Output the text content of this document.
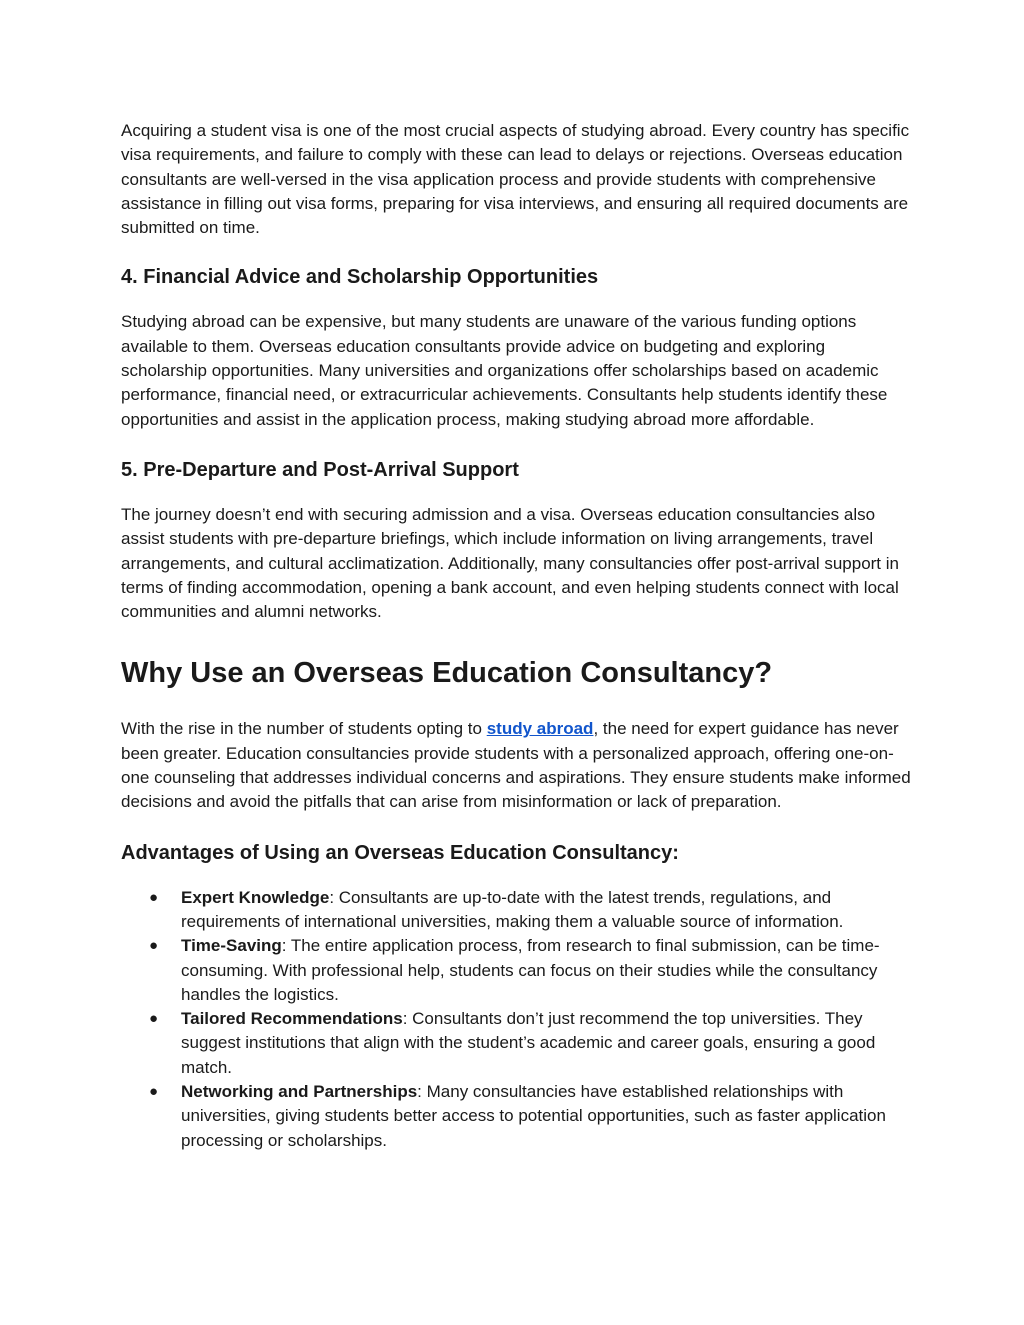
Acquiring a student visa is one of the most crucial aspects of studying abroad. Every country has specific visa requirements, and failure to comply with these can lead to delays or rejections. Overseas education consultants are well-versed in the visa application process and provide students with comprehensive assistance in filling out visa forms, preparing for visa interviews, and ensuring all required documents are submitted on time.

4. Financial Advice and Scholarship Opportunities

Studying abroad can be expensive, but many students are unaware of the various funding options available to them. Overseas education consultants provide advice on budgeting and exploring scholarship opportunities. Many universities and organizations offer scholarships based on academic performance, financial need, or extracurricular achievements. Consultants help students identify these opportunities and assist in the application process, making studying abroad more affordable.

5. Pre-Departure and Post-Arrival Support

The journey doesn’t end with securing admission and a visa. Overseas education consultancies also assist students with pre-departure briefings, which include information on living arrangements, travel arrangements, and cultural acclimatization. Additionally, many consultancies offer post-arrival support in terms of finding accommodation, opening a bank account, and even helping students connect with local communities and alumni networks.

Why Use an Overseas Education Consultancy?

With the rise in the number of students opting to study abroad, the need for expert guidance has never been greater. Education consultancies provide students with a personalized approach, offering one-on-one counseling that addresses individual concerns and aspirations. They ensure students make informed decisions and avoid the pitfalls that can arise from misinformation or lack of preparation.

Advantages of Using an Overseas Education Consultancy:
● Expert Knowledge: Consultants are up-to-date with the latest trends, regulations, and requirements of international universities, making them a valuable source of information.
● Time-Saving: The entire application process, from research to final submission, can be time-consuming. With professional help, students can focus on their studies while the consultancy handles the logistics.
● Tailored Recommendations: Consultants don’t just recommend the top universities. They suggest institutions that align with the student’s academic and career goals, ensuring a good match.
● Networking and Partnerships: Many consultancies have established relationships with universities, giving students better access to potential opportunities, such as faster application processing or scholarships.
